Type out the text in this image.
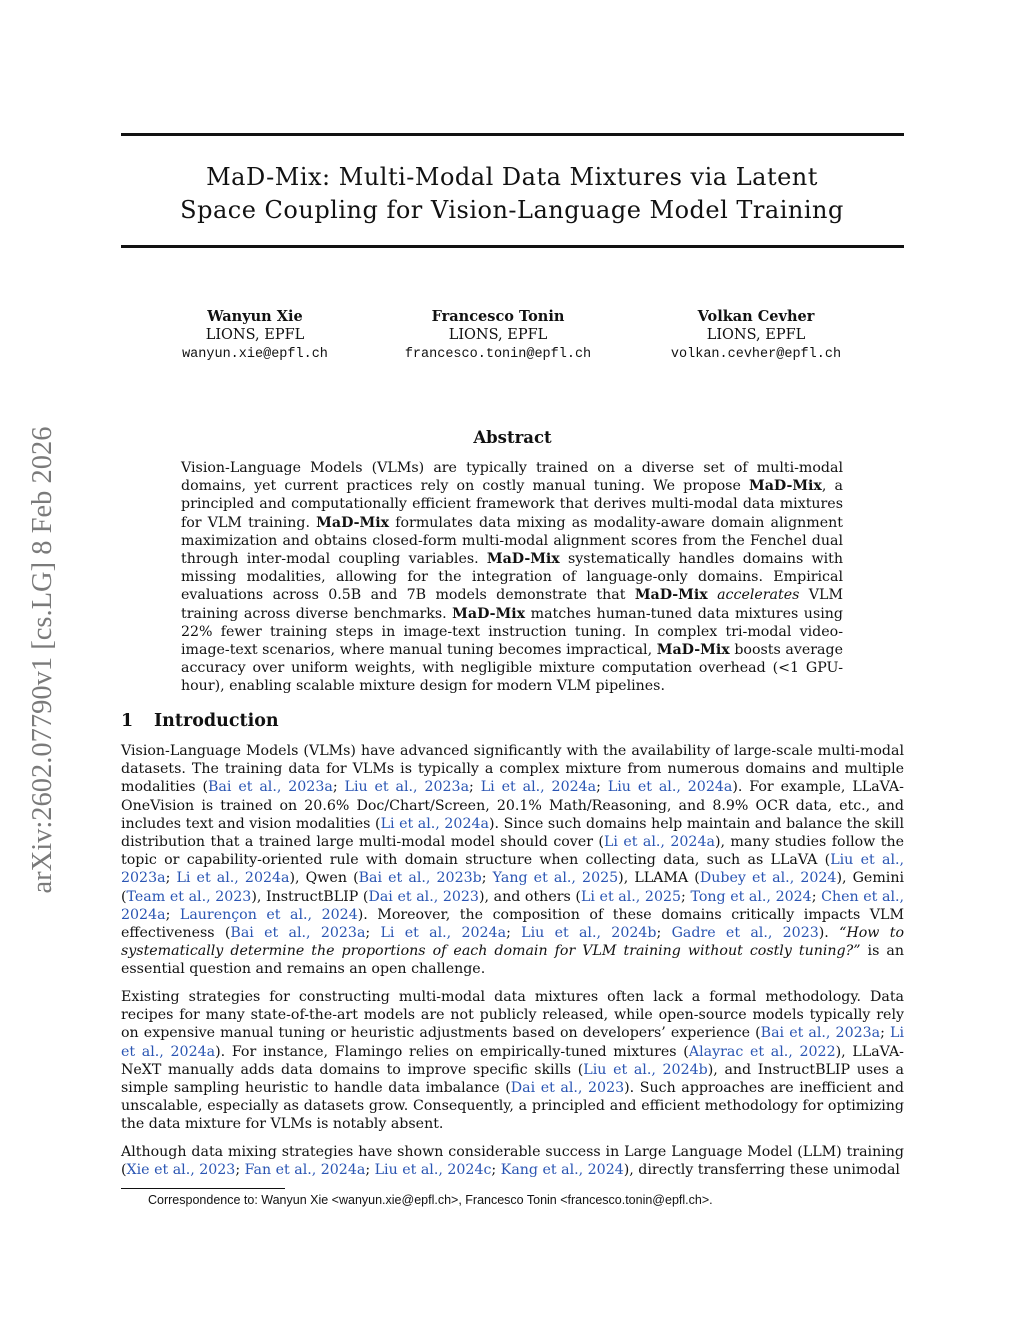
arXiv:2602.07790v1 [cs.LG] 8 Feb 2026
MaD-Mix: Multi-Modal Data Mixtures via Latent
Space Coupling for Vision-Language Model Training
Wanyun Xie
LIONS, EPFL
wanyun.xie@epfl.ch
Francesco Tonin
LIONS, EPFL
francesco.tonin@epfl.ch
Volkan Cevher
LIONS, EPFL
volkan.cevher@epfl.ch
Abstract
Vision-Language Models (VLMs) are typically trained on a diverse set of multi-modal domains, yet current practices rely on costly manual tuning. We propose MaD-Mix, a principled and computationally efficient framework that derives multi-modal data mixtures for VLM training. MaD-Mix formulates data mixing as modality-aware domain alignment maximization and obtains closed-form multi-modal alignment scores from the Fenchel dual through inter-modal coupling variables. MaD-Mix systematically handles domains with missing modalities, allowing for the integration of language-only domains. Empirical evaluations across 0.5B and 7B models demonstrate that MaD-Mix accelerates VLM training across diverse benchmarks. MaD-Mix matches human-tuned data mixtures using 22% fewer training steps in image-text instruction tuning. In complex tri-modal video-image-text scenarios, where manual tuning becomes impractical, MaD-Mix boosts average accuracy over uniform weights, with negligible mixture computation overhead (<1 GPU-hour), enabling scalable mixture design for modern VLM pipelines.
1 Introduction
Vision-Language Models (VLMs) have advanced significantly with the availability of large-scale multi-modal datasets. The training data for VLMs is typically a complex mixture from numerous domains and multiple modalities (Bai et al., 2023a; Liu et al., 2023a; Li et al., 2024a; Liu et al., 2024a). For example, LLaVA-OneVision is trained on 20.6% Doc/Chart/Screen, 20.1% Math/Reasoning, and 8.9% OCR data, etc., and includes text and vision modalities (Li et al., 2024a). Since such domains help maintain and balance the skill distribution that a trained large multi-modal model should cover (Li et al., 2024a), many studies follow the topic or capability-oriented rule with domain structure when collecting data, such as LLaVA (Liu et al., 2023a; Li et al., 2024a), Qwen (Bai et al., 2023b; Yang et al., 2025), LLAMA (Dubey et al., 2024), Gemini (Team et al., 2023), InstructBLIP (Dai et al., 2023), and others (Li et al., 2025; Tong et al., 2024; Chen et al., 2024a; Laurençon et al., 2024). Moreover, the composition of these domains critically impacts VLM effectiveness (Bai et al., 2023a; Li et al., 2024a; Liu et al., 2024b; Gadre et al., 2023). “How to systematically determine the proportions of each domain for VLM training without costly tuning?” is an essential question and remains an open challenge.
Existing strategies for constructing multi-modal data mixtures often lack a formal methodology. Data recipes for many state-of-the-art models are not publicly released, while open-source models typically rely on expensive manual tuning or heuristic adjustments based on developers’ experience (Bai et al., 2023a; Li et al., 2024a). For instance, Flamingo relies on empirically-tuned mixtures (Alayrac et al., 2022), LLaVA-NeXT manually adds data domains to improve specific skills (Liu et al., 2024b), and InstructBLIP uses a simple sampling heuristic to handle data imbalance (Dai et al., 2023). Such approaches are inefficient and unscalable, especially as datasets grow. Consequently, a principled and efficient methodology for optimizing the data mixture for VLMs is notably absent.
Although data mixing strategies have shown considerable success in Large Language Model (LLM) training (Xie et al., 2023; Fan et al., 2024a; Liu et al., 2024c; Kang et al., 2024), directly transferring these unimodal
Correspondence to: Wanyun Xie <wanyun.xie@epfl.ch>, Francesco Tonin <francesco.tonin@epfl.ch>.
